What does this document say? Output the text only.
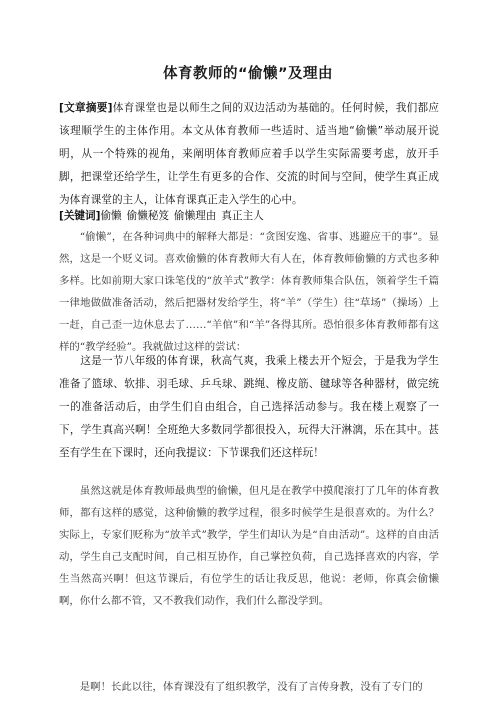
体育教师的“偷懒”及理由
[文章摘要]体育课堂也是以师生之间的双边活动为基础的。任何时候，我们都应该理顺学生的主体作用。本文从体育教师一些适时、适当地“偷懒”举动展开说明，从一个特殊的视角，来阐明体育教师应着手以学生实际需要考虑，放开手脚，把课堂还给学生，让学生有更多的合作、交流的时间与空间，使学生真正成为体育课堂的主人，让体育课真正走入学生的心中。
[关键词]偷懒 偷懒秘笈 偷懒理由 真正主人

“偷懒”，在各种词典中的解释大都是：“贪图安逸、省事、逃避应干的事”。显然，这是一个贬义词。喜欢偷懒的体育教师大有人在，体育教师偷懒的方式也多种多样。比如前期大家口诛笔伐的“放羊式”教学：体育教师集合队伍，领着学生千篇一律地做做准备活动，然后把器材发给学生，将“羊”（学生）往“草场”（操场）上一赶，自己歪一边休息去了……“羊倌”和“羊”各得其所。恐怕很多体育教师都有这样的“教学经验”。我就做过这样的尝试：

这是一节八年级的体育课，秋高气爽，我乘上楼去开个短会，于是我为学生准备了篮球、软排、羽毛球、乒乓球、跳绳、橡皮筋、毽球等各种器材，做完统一的准备活动后，由学生们自由组合，自己选择活动参与。我在楼上观察了一下，学生真高兴啊！全班绝大多数同学都很投入，玩得大汗淋漓，乐在其中。甚至有学生在下课时，还向我提议：下节课我们还这样玩！

虽然这就是体育教师最典型的偷懒，但凡是在教学中摸爬滚打了几年的体育教师，都有这样的感觉，这种偷懒的教学过程，很多时候学生是很喜欢的。为什么？实际上，专家们贬称为“放羊式”教学，学生们却认为是“自由活动”。这样的自由活动，学生自己支配时间，自己相互协作，自己掌控负荷，自己选择喜欢的内容，学生当然高兴啊！但这节课后，有位学生的话让我反思，他说：老师，你真会偷懒啊，你什么都不管，又不教我们动作，我们什么都没学到。

是啊！长此以往，体育课没有了组织教学，没有了言传身教，没有了专门的
